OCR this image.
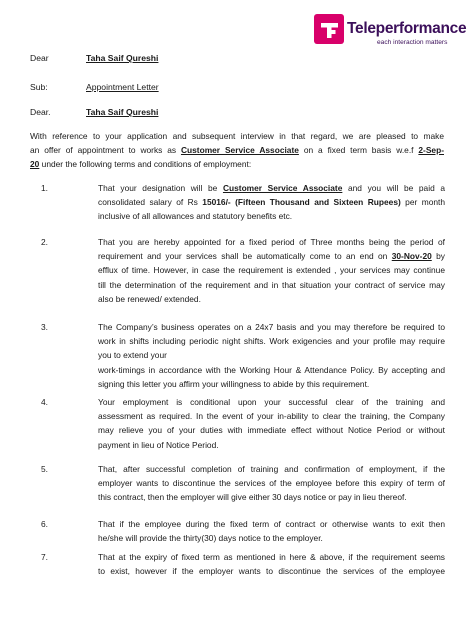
Teleperformance
each interaction matters
Dear	Taha Saif Qureshi
Sub:	Appointment Letter
Dear.	Taha Saif Qureshi
With reference to your application and subsequent interview in that regard, we are pleased to make
an offer of appointment to works as Customer Service Associate on a fixed term basis w.e.f 2-Sep-
20 under the following terms and conditions of employment:
1.	That your designation will be Customer Service Associate and you will be paid a
consolidated salary of Rs 15016/- (Fifteen Thousand and Sixteen Rupees) per month
inclusive of all allowances and statutory benefits etc.
2.	That you are hereby appointed for a fixed period of Three months being the period of
requirement and your services shall be automatically come to an end on 30-Nov-20 by
efflux of time. However, in case the requirement is extended , your services may continue
till the determination of the requirement and in that situation your contract of service may
also be renewed/ extended.
3.	The Company’s business operates on a 24x7 basis and you may therefore be required to
work in shifts including periodic night shifts. Work exigencies and your profile may require
you to extend your
work-timings in accordance with the Working Hour & Attendance Policy. By accepting and
signing this letter you affirm your willingness to abide by this requirement.
4.	Your employment is conditional upon your successful clear of the training and
assessment as required. In the event of your in-ability to clear the training, the Company
may relieve you of your duties with immediate effect without Notice Period or without
payment in lieu of Notice Period.
5.	That, after successful completion of training and confirmation of employment, if the
employer wants to discontinue the services of the employee before this expiry of term of
this contract, then the employer will give either 30 days notice or pay in lieu thereof.
6.	That if the employee during the fixed term of contract or otherwise wants to exit then
he/she will provide the thirty(30) days notice to the employer.
7.	That at the expiry of fixed term as mentioned in here & above, if the requirement seems
to exist, however if the employer wants to discontinue the services of the employee
